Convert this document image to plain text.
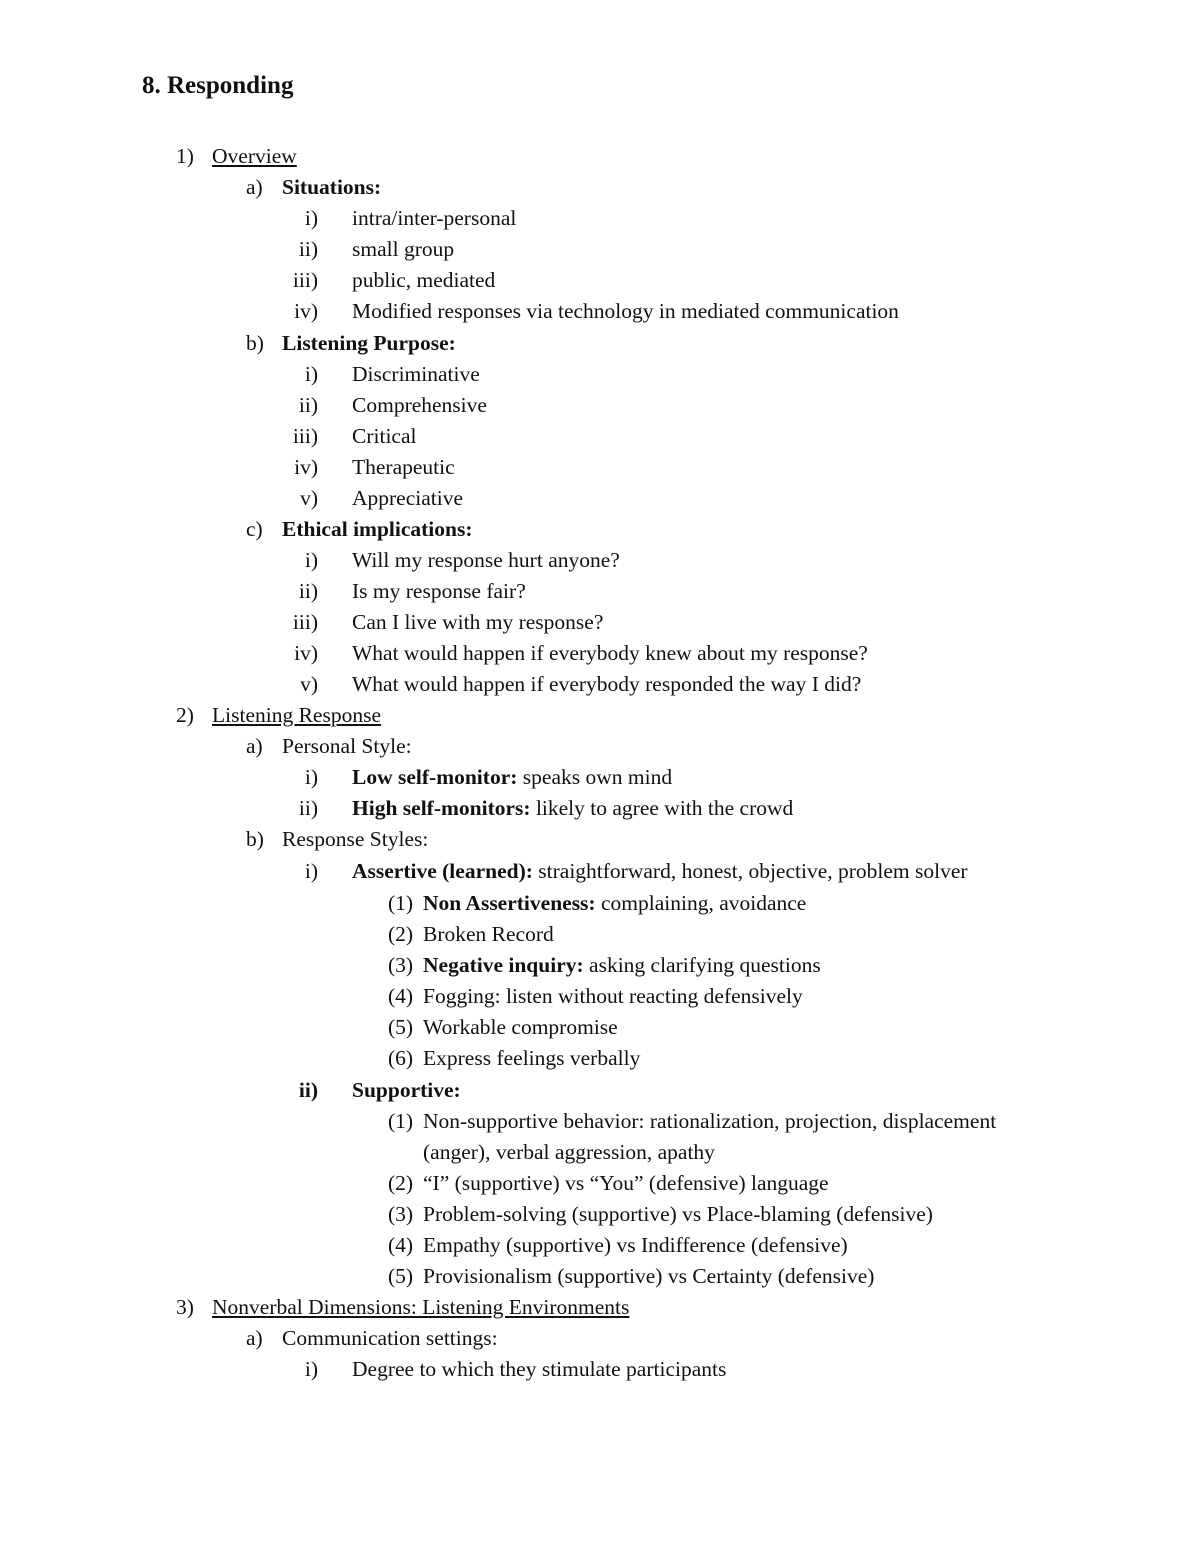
8. Responding
1) Overview
a) Situations:
i) intra/inter-personal
ii) small group
iii) public, mediated
iv) Modified responses via technology in mediated communication
b) Listening Purpose:
i) Discriminative
ii) Comprehensive
iii) Critical
iv) Therapeutic
v) Appreciative
c) Ethical implications:
i) Will my response hurt anyone?
ii) Is my response fair?
iii) Can I live with my response?
iv) What would happen if everybody knew about my response?
v) What would happen if everybody responded the way I did?
2) Listening Response
a) Personal Style:
i) Low self-monitor: speaks own mind
ii) High self-monitors: likely to agree with the crowd
b) Response Styles:
i) Assertive (learned): straightforward, honest, objective, problem solver
(1) Non Assertiveness: complaining, avoidance
(2) Broken Record
(3) Negative inquiry: asking clarifying questions
(4) Fogging: listen without reacting defensively
(5) Workable compromise
(6) Express feelings verbally
ii) Supportive:
(1) Non-supportive behavior: rationalization, projection, displacement
(anger), verbal aggression, apathy
(2) “I” (supportive) vs “You” (defensive) language
(3) Problem-solving (supportive) vs Place-blaming (defensive)
(4) Empathy (supportive) vs Indifference (defensive)
(5) Provisionalism (supportive) vs Certainty (defensive)
3) Nonverbal Dimensions: Listening Environments
a) Communication settings:
i) Degree to which they stimulate participants
